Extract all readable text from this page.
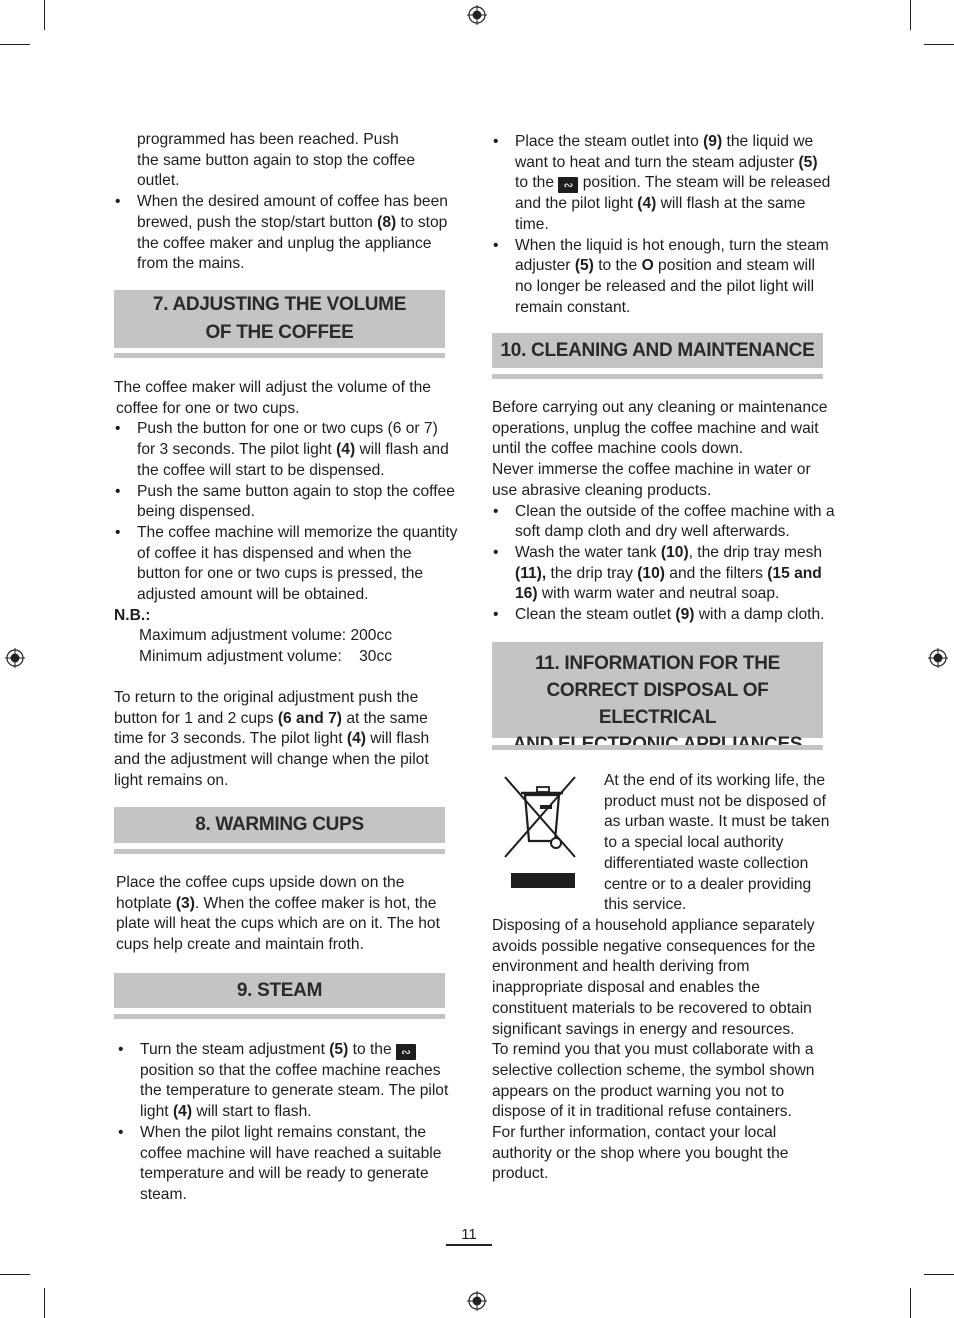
programmed has been reached. Push

the same button again to stop the coffee

outlet.

• When the desired amount of coffee has been brewed, push the stop/start button (8) to stop the coffee maker and unplug the appliance from the mains.

7. ADJUSTING THE VOLUME
OF THE COFFEE

The coffee maker will adjust the volume of the

coffee for one or two cups.

• Push the button for one or two cups (6 or 7) for 3 seconds. The pilot light (4) will flash and the coffee will start to be dispensed.

• Push the same button again to stop the coffee being dispensed.

• The coffee machine will memorize the quantity of coffee it has dispensed and when the button for one or two cups is pressed, the adjusted amount will be obtained.

N.B.:

Maximum adjustment volume: 200cc

Minimum adjustment volume:    30cc

To return to the original adjustment push the button for 1 and 2 cups (6 and 7) at the same time for 3 seconds. The pilot light (4) will flash and the adjustment will change when the pilot light remains on.

8. WARMING CUPS

Place the coffee cups upside down on the hotplate (3). When the coffee maker is hot, the plate will heat the cups which are on it. The hot cups help create and maintain froth.

9. STEAM

• Turn the steam adjustment (5) to the ∾ position so that the coffee machine reaches the temperature to generate steam. The pilot light (4) will start to flash.

• When the pilot light remains constant, the coffee machine will have reached a suitable temperature and will be ready to generate steam.

• Place the steam outlet into (9) the liquid we want to heat and turn the steam adjuster (5) to the ∾ position. The steam will be released and the pilot light (4) will flash at the same time.

• When the liquid is hot enough, turn the steam adjuster (5) to the O position and steam will no longer be released and the pilot light will remain constant.

10. CLEANING AND MAINTENANCE

Before carrying out any cleaning or maintenance operations, unplug the coffee machine and wait until the coffee machine cools down.

Never immerse the coffee machine in water or use abrasive cleaning products.

• Clean the outside of the coffee machine with a soft damp cloth and dry well afterwards.

• Wash the water tank (10), the drip tray mesh (11), the drip tray (10) and the filters (15 and 16) with warm water and neutral soap.

• Clean the steam outlet (9) with a damp cloth.

11. INFORMATION FOR THE
CORRECT DISPOSAL OF ELECTRICAL

At the end of its working life, the product must not be disposed of as urban waste. It must be taken to a special local authority differentiated waste collection centre or to a dealer providing this service.

Disposing of a household appliance separately avoids possible negative consequences for the environment and health deriving from inappropriate disposal and enables the constituent materials to be recovered to obtain significant savings in energy and resources.

To remind you that you must collaborate with a selective collection scheme, the symbol shown appears on the product warning you not to dispose of it in traditional refuse containers.

For further information, contact your local authority or the shop where you bought the product.

11
